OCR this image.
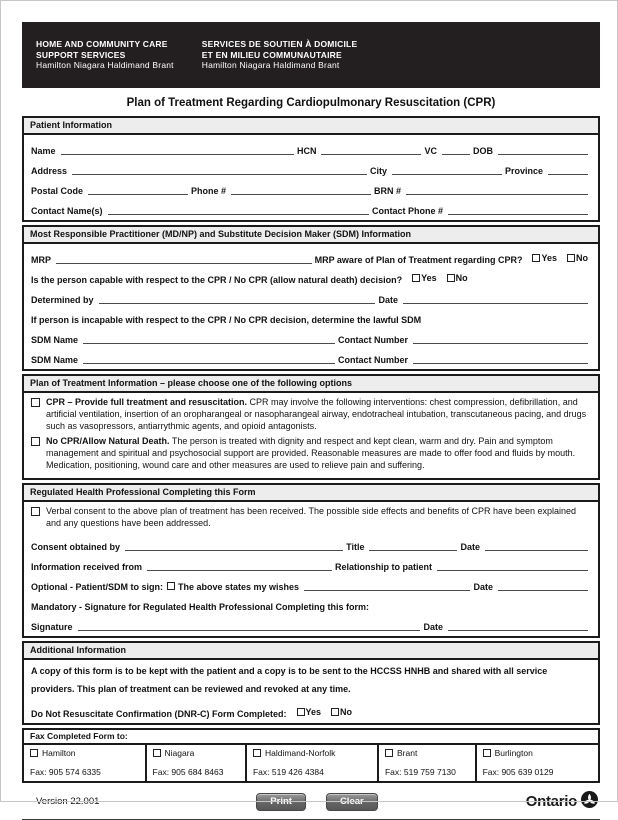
HOME AND COMMUNITY CARE
SUPPORT SERVICES
Hamilton Niagara Haldimand Brant
SERVICES DE SOUTIEN À DOMICILE
ET EN MILIEU COMMUNAUTAIRE
Hamilton Niagara Haldimand Brant
Plan of Treatment Regarding Cardiopulmonary Resuscitation (CPR)
Patient Information
Name	HCN	VC	DOB
Address	City	Province
Postal Code	Phone #	BRN #
Contact Name(s)	Contact Phone #
Most Responsible Practitioner (MD/NP) and Substitute Decision Maker (SDM) Information
MRP	MRP aware of Plan of Treatment regarding CPR? Yes No
Is the person capable with respect to the CPR / No CPR (allow natural death) decision? Yes No
Determined by	Date
If person is incapable with respect to the CPR / No CPR decision, determine the lawful SDM
SDM Name	Contact Number
SDM Name	Contact Number
Plan of Treatment Information – please choose one of the following options
CPR – Provide full treatment and resuscitation. CPR may involve the following interventions: chest compression, defibrillation, and artificial ventilation, insertion of an oropharangeal or nasopharangeal airway, endotracheal intubation, transcutaneous pacing, and drugs such as vasopressors, antiarrythmic agents, and opioid antagonists.
No CPR/Allow Natural Death. The person is treated with dignity and respect and kept clean, warm and dry. Pain and symptom management and spiritual and psychosocial support are provided. Reasonable measures are made to offer food and fluids by mouth. Medication, positioning, wound care and other measures are used to relieve pain and suffering.
Regulated Health Professional Completing this Form
Verbal consent to the above plan of treatment has been received. The possible side effects and benefits of CPR have been explained and any questions have been addressed.
Consent obtained by	Title	Date
Information received from	Relationship to patient
Optional - Patient/SDM to sign: The above states my wishes	Date
Mandatory - Signature for Regulated Health Professional Completing this form:
Signature	Date
Additional Information
A copy of this form is to be kept with the patient and a copy is to be sent to the HCCSS HNHB and shared with all service providers. This plan of treatment can be reviewed and revoked at any time.
Do Not Resuscitate Confirmation (DNR-C) Form Completed: Yes No
Fax Completed Form to:
Hamilton
Fax: 905 574 6335
Niagara
Fax: 905 684 8463
Haldimand-Norfolk
Fax: 519 426 4384
Brant
Fax: 519 759 7130
Burlington
Fax: 905 639 0129
Version 22.001	Print	Clear	Ontario
